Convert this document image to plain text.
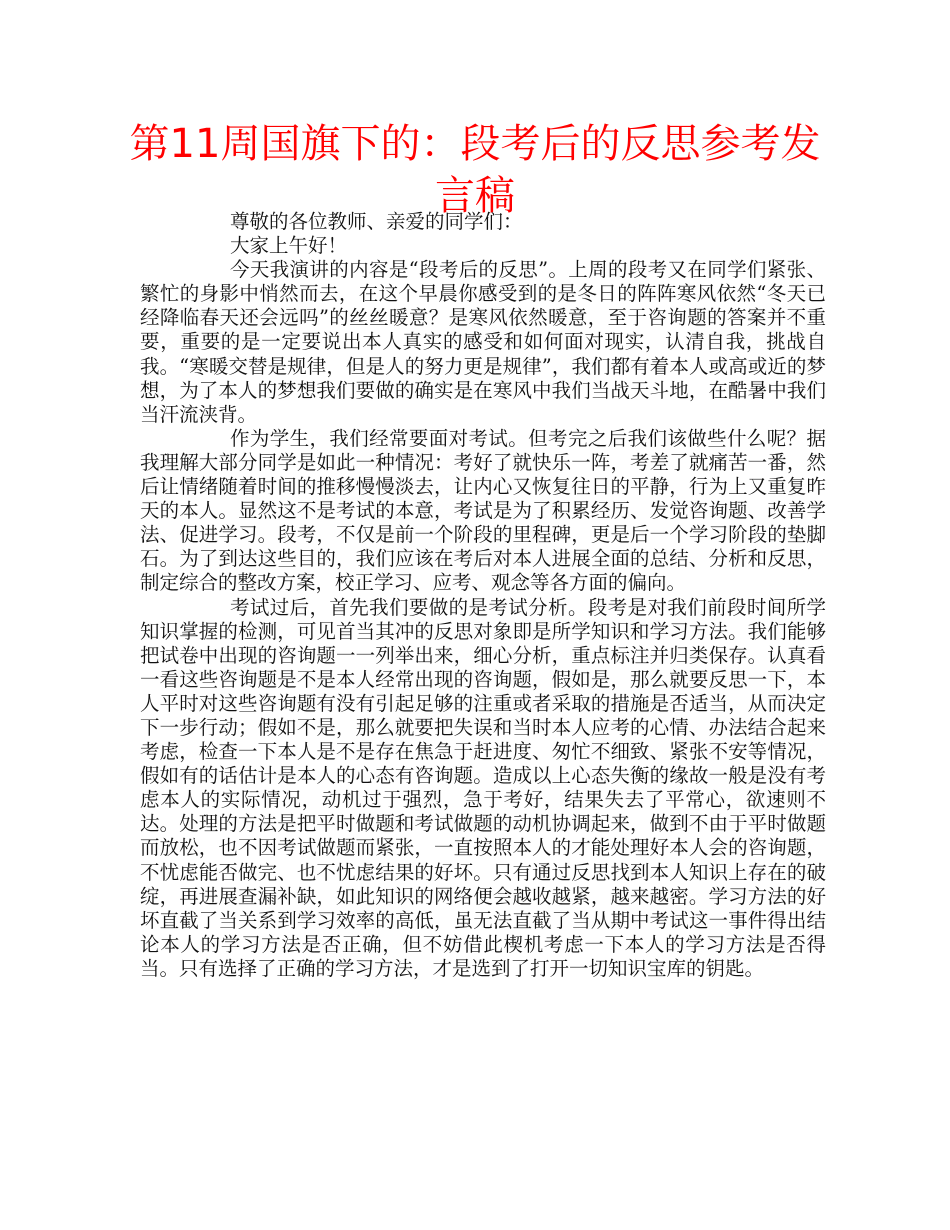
第11周国旗下的：段考后的反思参考发言稿

尊敬的各位教师、亲爱的同学们：

大家上午好！

今天我演讲的内容是“段考后的反思”。上周的段考又在同学们紧张、繁忙的身影中悄然而去，在这个早晨你感受到的是冬日的阵阵寒风依然“冬天已经降临春天还会远吗”的丝丝暖意？是寒风依然暖意，至于咨询题的答案并不重要，重要的是一定要说出本人真实的感受和如何面对现实，认清自我，挑战自我。“寒暖交替是规律，但是人的努力更是规律”，我们都有着本人或高或近的梦想，为了本人的梦想我们要做的确实是在寒风中我们当战天斗地，在酷暑中我们当汗流浃背。

作为学生，我们经常要面对考试。但考完之后我们该做些什么呢？据我理解大部分同学是如此一种情况：考好了就快乐一阵，考差了就痛苦一番，然后让情绪随着时间的推移慢慢淡去，让内心又恢复往日的平静，行为上又重复昨天的本人。显然这不是考试的本意，考试是为了积累经历、发觉咨询题、改善学法、促进学习。段考，不仅是前一个阶段的里程碑，更是后一个学习阶段的垫脚石。为了到达这些目的，我们应该在考后对本人进展全面的总结、分析和反思，制定综合的整改方案，校正学习、应考、观念等各方面的偏向。

考试过后，首先我们要做的是考试分析。段考是对我们前段时间所学知识掌握的检测，可见首当其冲的反思对象即是所学知识和学习方法。我们能够把试卷中出现的咨询题一一列举出来，细心分析，重点标注并归类保存。认真看一看这些咨询题是不是本人经常出现的咨询题，假如是，那么就要反思一下，本人平时对这些咨询题有没有引起足够的注重或者采取的措施是否适当，从而决定下一步行动；假如不是，那么就要把失误和当时本人应考的心情、办法结合起来考虑，检查一下本人是不是存在焦急于赶进度、匆忙不细致、紧张不安等情况，假如有的话估计是本人的心态有咨询题。造成以上心态失衡的缘故一般是没有考虑本人的实际情况，动机过于强烈，急于考好，结果失去了平常心，欲速则不达。处理的方法是把平时做题和考试做题的动机协调起来，做到不由于平时做题而放松，也不因考试做题而紧张，一直按照本人的才能处理好本人会的咨询题，不忧虑能否做完、也不忧虑结果的好坏。只有通过反思找到本人知识上存在的破绽，再进展查漏补缺，如此知识的网络便会越收越紧，越来越密。学习方法的好坏直截了当关系到学习效率的高低，虽无法直截了当从期中考试这一事件得出结论本人的学习方法是否正确，但不妨借此楔机考虑一下本人的学习方法是否得当。只有选择了正确的学习方法，才是选到了打开一切知识宝库的钥匙。
